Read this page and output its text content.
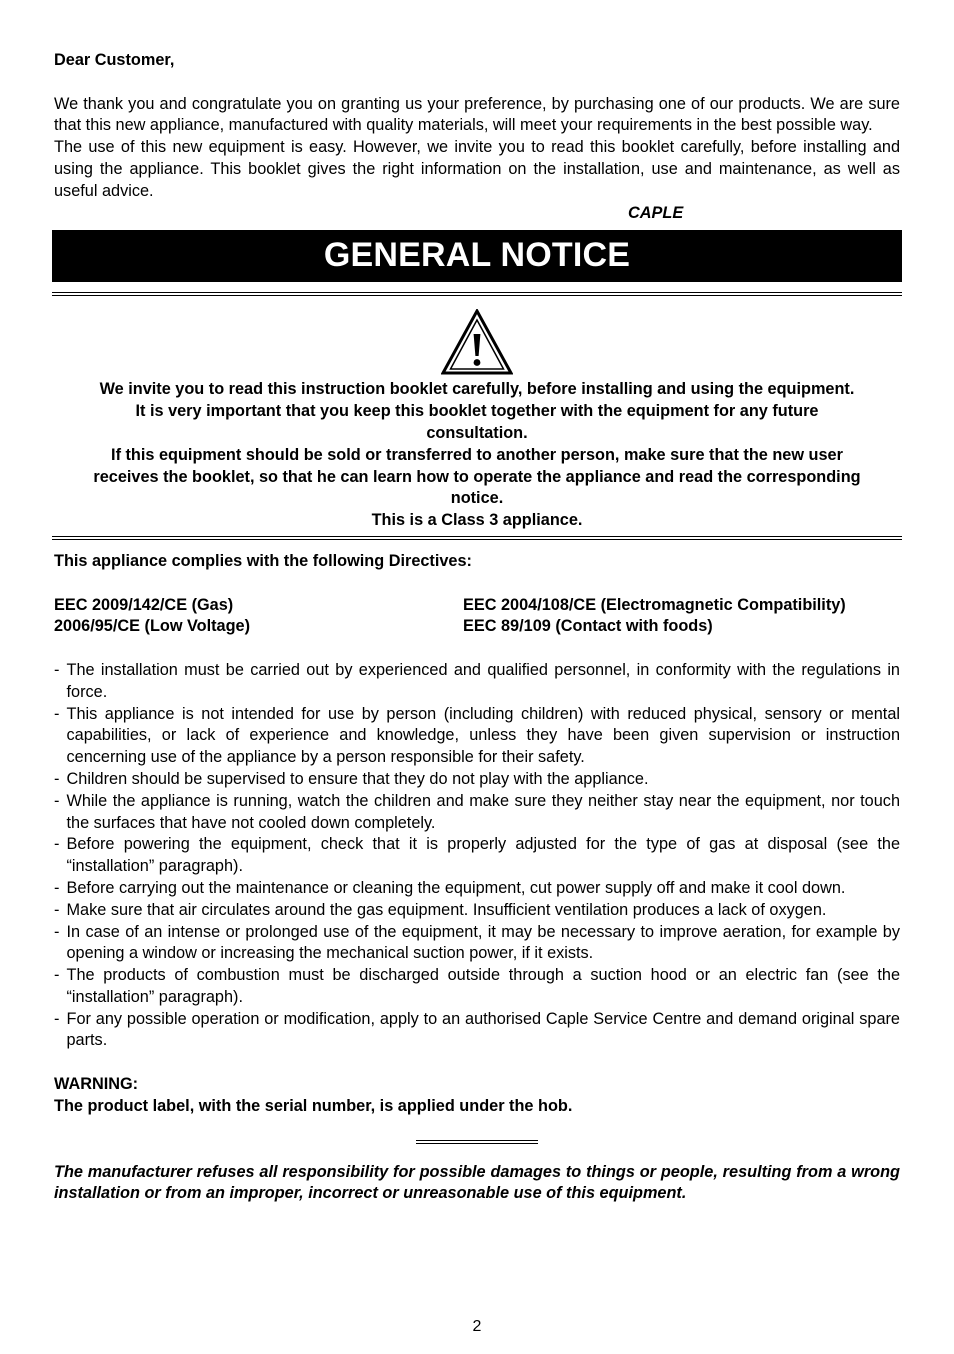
Dear Customer,

We thank you and congratulate you on granting us your preference, by purchasing one of our products. We are sure that this new appliance, manufactured with quality materials, will meet your requirements in the best possible way.

The use of this new equipment is easy. However, we invite you to read this booklet carefully, before installing and using the appliance. This booklet gives the right information on the installation, use and maintenance, as well as useful advice.

CAPLE

GENERAL NOTICE

We invite you to read this instruction booklet carefully, before installing and using the equipment.

It is very important that you keep this booklet together with the equipment for any future consultation.

If this equipment should be sold or transferred to another person, make sure that the new user receives the booklet, so that he can learn how to operate the appliance and read the corresponding notice.

This is a Class 3 appliance.

This appliance complies with the following Directives:

EEC 2009/142/CE (Gas)	EEC 2004/108/CE (Electromagnetic Compatibility)
2006/95/CE (Low Voltage)	EEC 89/109 (Contact with foods)
- The installation must be carried out by experienced and qualified personnel, in conformity with the regulations in force.
- This appliance is not intended for use by person (including children) with reduced physical, sensory or mental capabilities, or lack of experience and knowledge, unless they have been given supervision or instruction cencerning use of the appliance by a person responsible for their safety.
- Children should be supervised to ensure that they do not play with the appliance.
- While the appliance is running, watch the children and make sure they neither stay near the equipment, nor touch the surfaces that have not cooled down completely.
- Before powering the equipment, check that it is properly adjusted for the type of gas at disposal (see the “installation” paragraph).
- Before carrying out the maintenance or cleaning the equipment, cut power supply off and make it cool down.
- Make sure that air circulates around the gas equipment. Insufficient ventilation produces a lack of oxygen.
- In case of an intense or prolonged use of the equipment, it may be necessary to improve aeration, for example by opening a window or increasing the mechanical suction power, if it exists.
- The products of combustion must be discharged outside through a suction hood or an electric fan (see the “installation” paragraph).
- For any possible operation or modification, apply to an authorised Caple Service Centre and demand original spare parts.

WARNING:

The product label, with the serial number, is applied under the hob.

The manufacturer refuses all responsibility for possible damages to things or people, resulting from a wrong installation or from an improper, incorrect or unreasonable use of this equipment.

2
